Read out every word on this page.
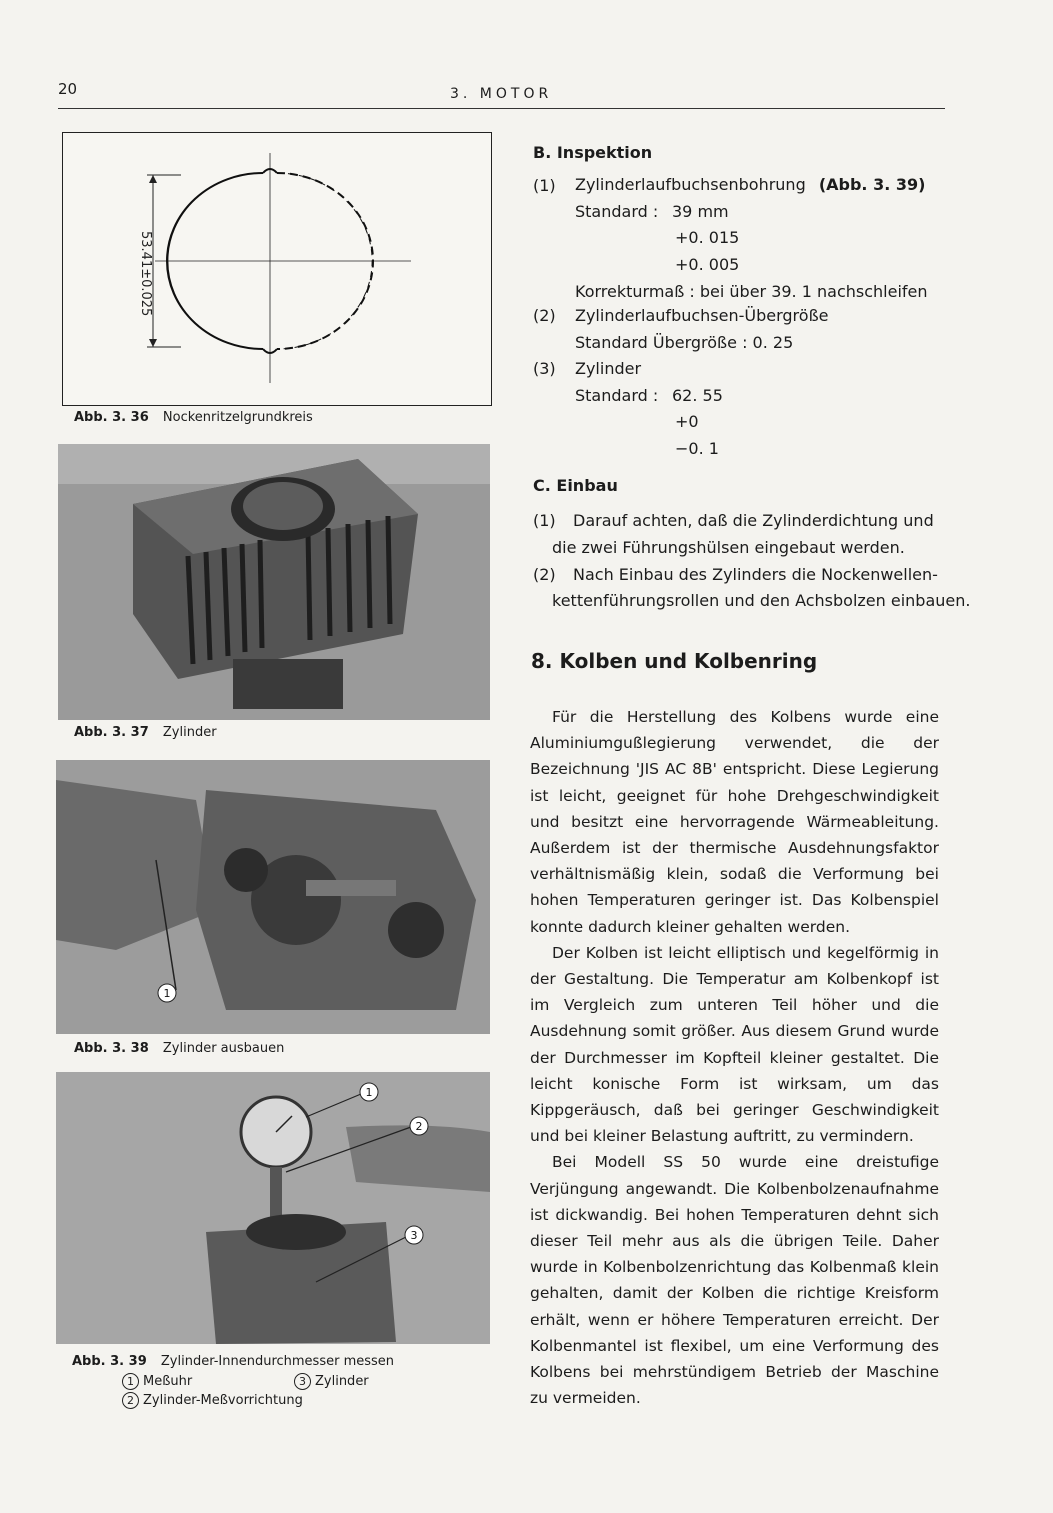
20	3. MOTOR
53.41±0.025
Abb. 3. 36 Nockenritzelgrundkreis
Abb. 3. 37 Zylinder
1
Abb. 3. 38 Zylinder ausbauen
1
2
3
Abb. 3. 39 Zylinder-Innendurchmesser messen
1 Meßuhr	3 Zylinder
2 Zylinder-Meßvorrichtung
B. Inspektion
(1) Zylinderlaufbuchsenbohrung (Abb. 3. 39)
Standard : 39 mm
+0. 015
+0. 005
Korrekturmaß : bei über 39. 1 nachschleifen
(2) Zylinderlaufbuchsen-Übergröße
Standard Übergröße : 0. 25
(3) Zylinder
Standard : 62. 55
+0
−0. 1
C. Einbau
(1) Darauf achten, daß die Zylinderdichtung und
die zwei Führungshülsen eingebaut werden.
(2) Nach Einbau des Zylinders die Nockenwellen-
kettenführungsrollen und den Achsbolzen einbauen.
8. Kolben und Kolbenring

Für die Herstellung des Kolbens wurde eine Aluminiumgußlegierung verwendet, die der Bezeichnung 'JIS AC 8B' entspricht. Diese Legierung ist leicht, geeignet für hohe Drehgeschwindigkeit und besitzt eine hervorragende Wärmeableitung. Außerdem ist der thermische Ausdehnungsfaktor verhältnismäßig klein, sodaß die Verformung bei hohen Temperaturen geringer ist. Das Kolbenspiel konnte dadurch kleiner gehalten werden.

Der Kolben ist leicht elliptisch und kegelförmig in der Gestaltung. Die Temperatur am Kolbenkopf ist im Vergleich zum unteren Teil höher und die Ausdehnung somit größer. Aus diesem Grund wurde der Durchmesser im Kopfteil kleiner gestaltet. Die leicht konische Form ist wirksam, um das Kippgeräusch, daß bei geringer Geschwindigkeit und bei kleiner Belastung auftritt, zu vermindern.

Bei Modell SS 50 wurde eine dreistufige Verjüngung angewandt. Die Kolbenbolzenaufnahme ist dickwandig. Bei hohen Temperaturen dehnt sich dieser Teil mehr aus als die übrigen Teile. Daher wurde in Kolbenbolzenrichtung das Kolbenmaß klein gehalten, damit der Kolben die richtige Kreisform erhält, wenn er höhere Temperaturen erreicht. Der Kolbenmantel ist flexibel, um eine Verformung des Kolbens bei mehrstündigem Betrieb der Maschine zu vermeiden.
